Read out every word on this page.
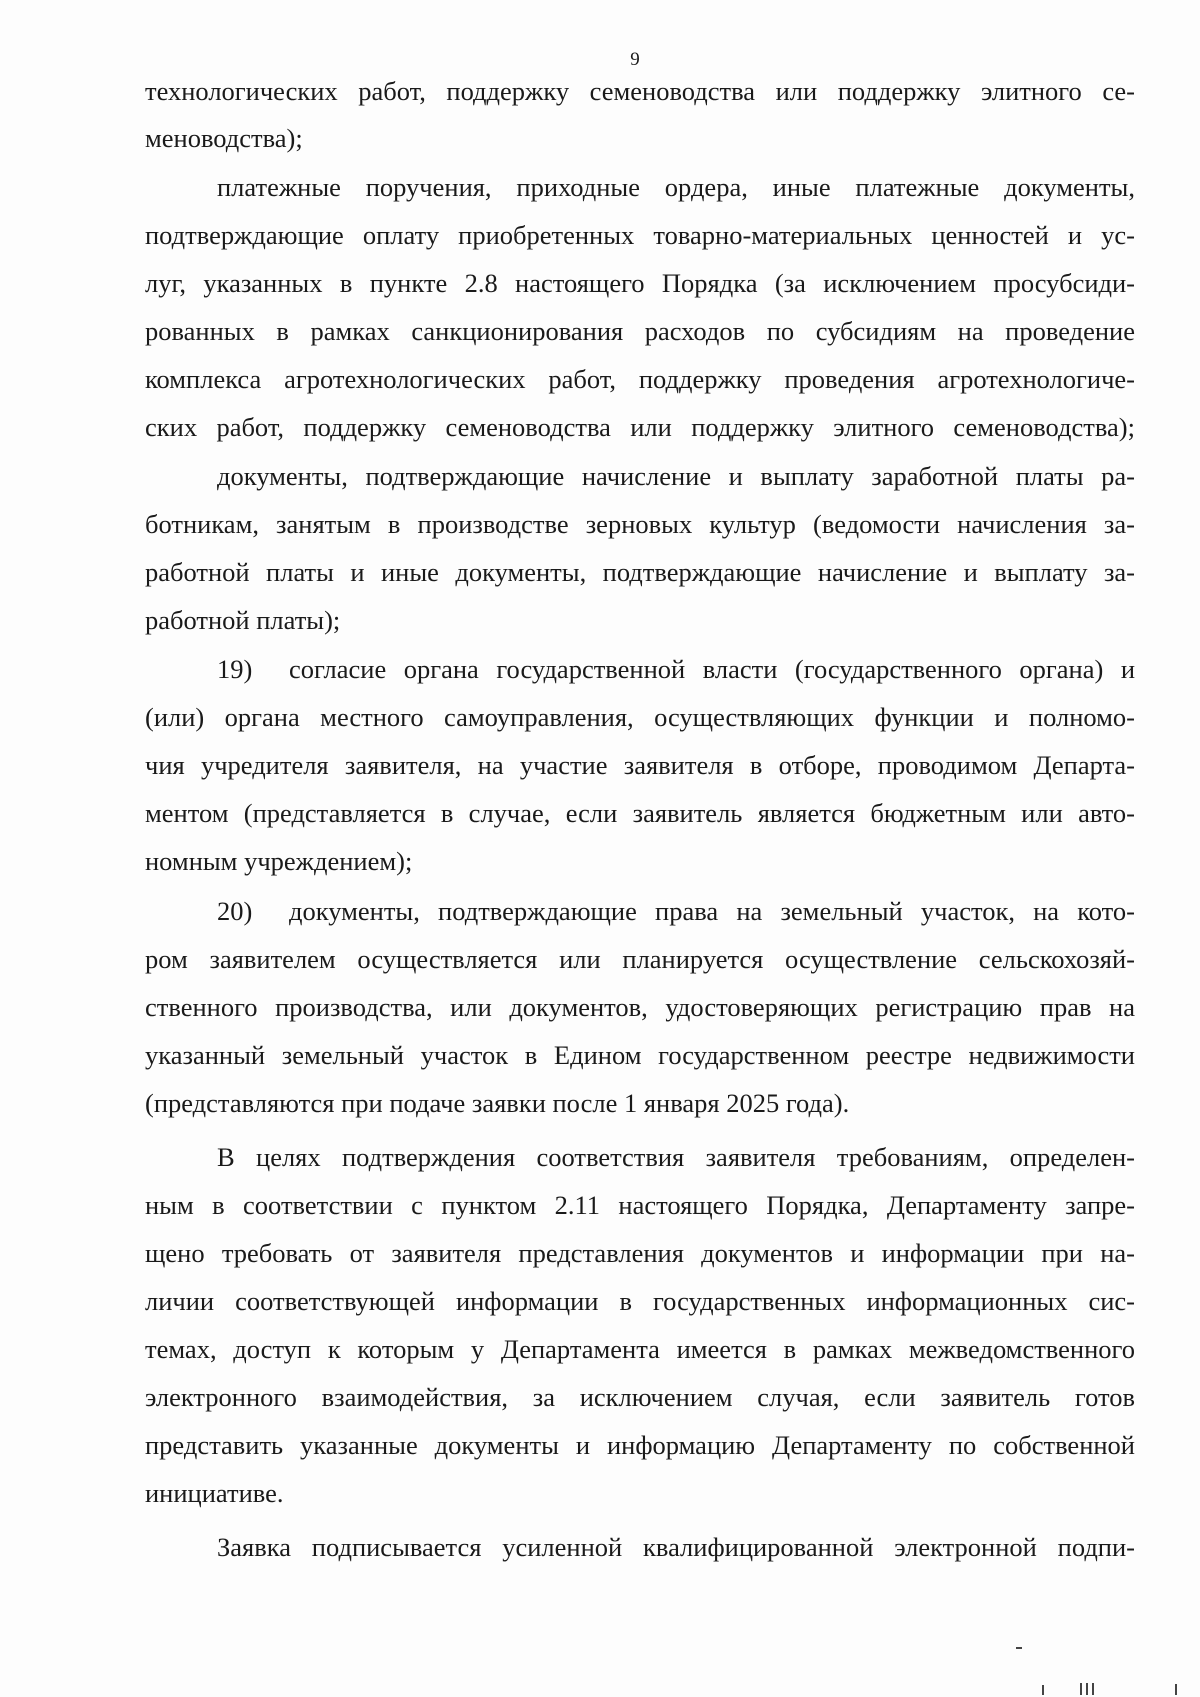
9
технологических работ, поддержку семеноводства или поддержку элитного се-
меноводства);
платежные поручения, приходные ордера, иные платежные документы,
подтверждающие оплату приобретенных товарно-материальных ценностей и ус-
луг, указанных в пункте 2.8 настоящего Порядка (за исключением просубсиди-
рованных в рамках санкционирования расходов по субсидиям на проведение
комплекса агротехнологических работ, поддержку проведения агротехнологиче-
ских работ, поддержку семеноводства или поддержку элитного семеноводства);
документы, подтверждающие начисление и выплату заработной платы ра-
ботникам, занятым в производстве зерновых культур (ведомости начисления за-
работной платы и иные документы, подтверждающие начисление и выплату за-
работной платы);
19) согласие органа государственной власти (государственного органа) и
(или) органа местного самоуправления, осуществляющих функции и полномо-
чия учредителя заявителя, на участие заявителя в отборе, проводимом Департа-
ментом (представляется в случае, если заявитель является бюджетным или авто-
номным учреждением);
20) документы, подтверждающие права на земельный участок, на кото-
ром заявителем осуществляется или планируется осуществление сельскохозяй-
ственного производства, или документов, удостоверяющих регистрацию прав на
указанный земельный участок в Едином государственном реестре недвижимости
(представляются при подаче заявки после 1 января 2025 года).
В целях подтверждения соответствия заявителя требованиям, определен-
ным в соответствии с пунктом 2.11 настоящего Порядка, Департаменту запре-
щено требовать от заявителя представления документов и информации при на-
личии соответствующей информации в государственных информационных сис-
темах, доступ к которым у Департамента имеется в рамках межведомственного
электронного взаимодействия, за исключением случая, если заявитель готов
представить указанные документы и информацию Департаменту по собственной
инициативе.
Заявка подписывается усиленной квалифицированной электронной подпи-
